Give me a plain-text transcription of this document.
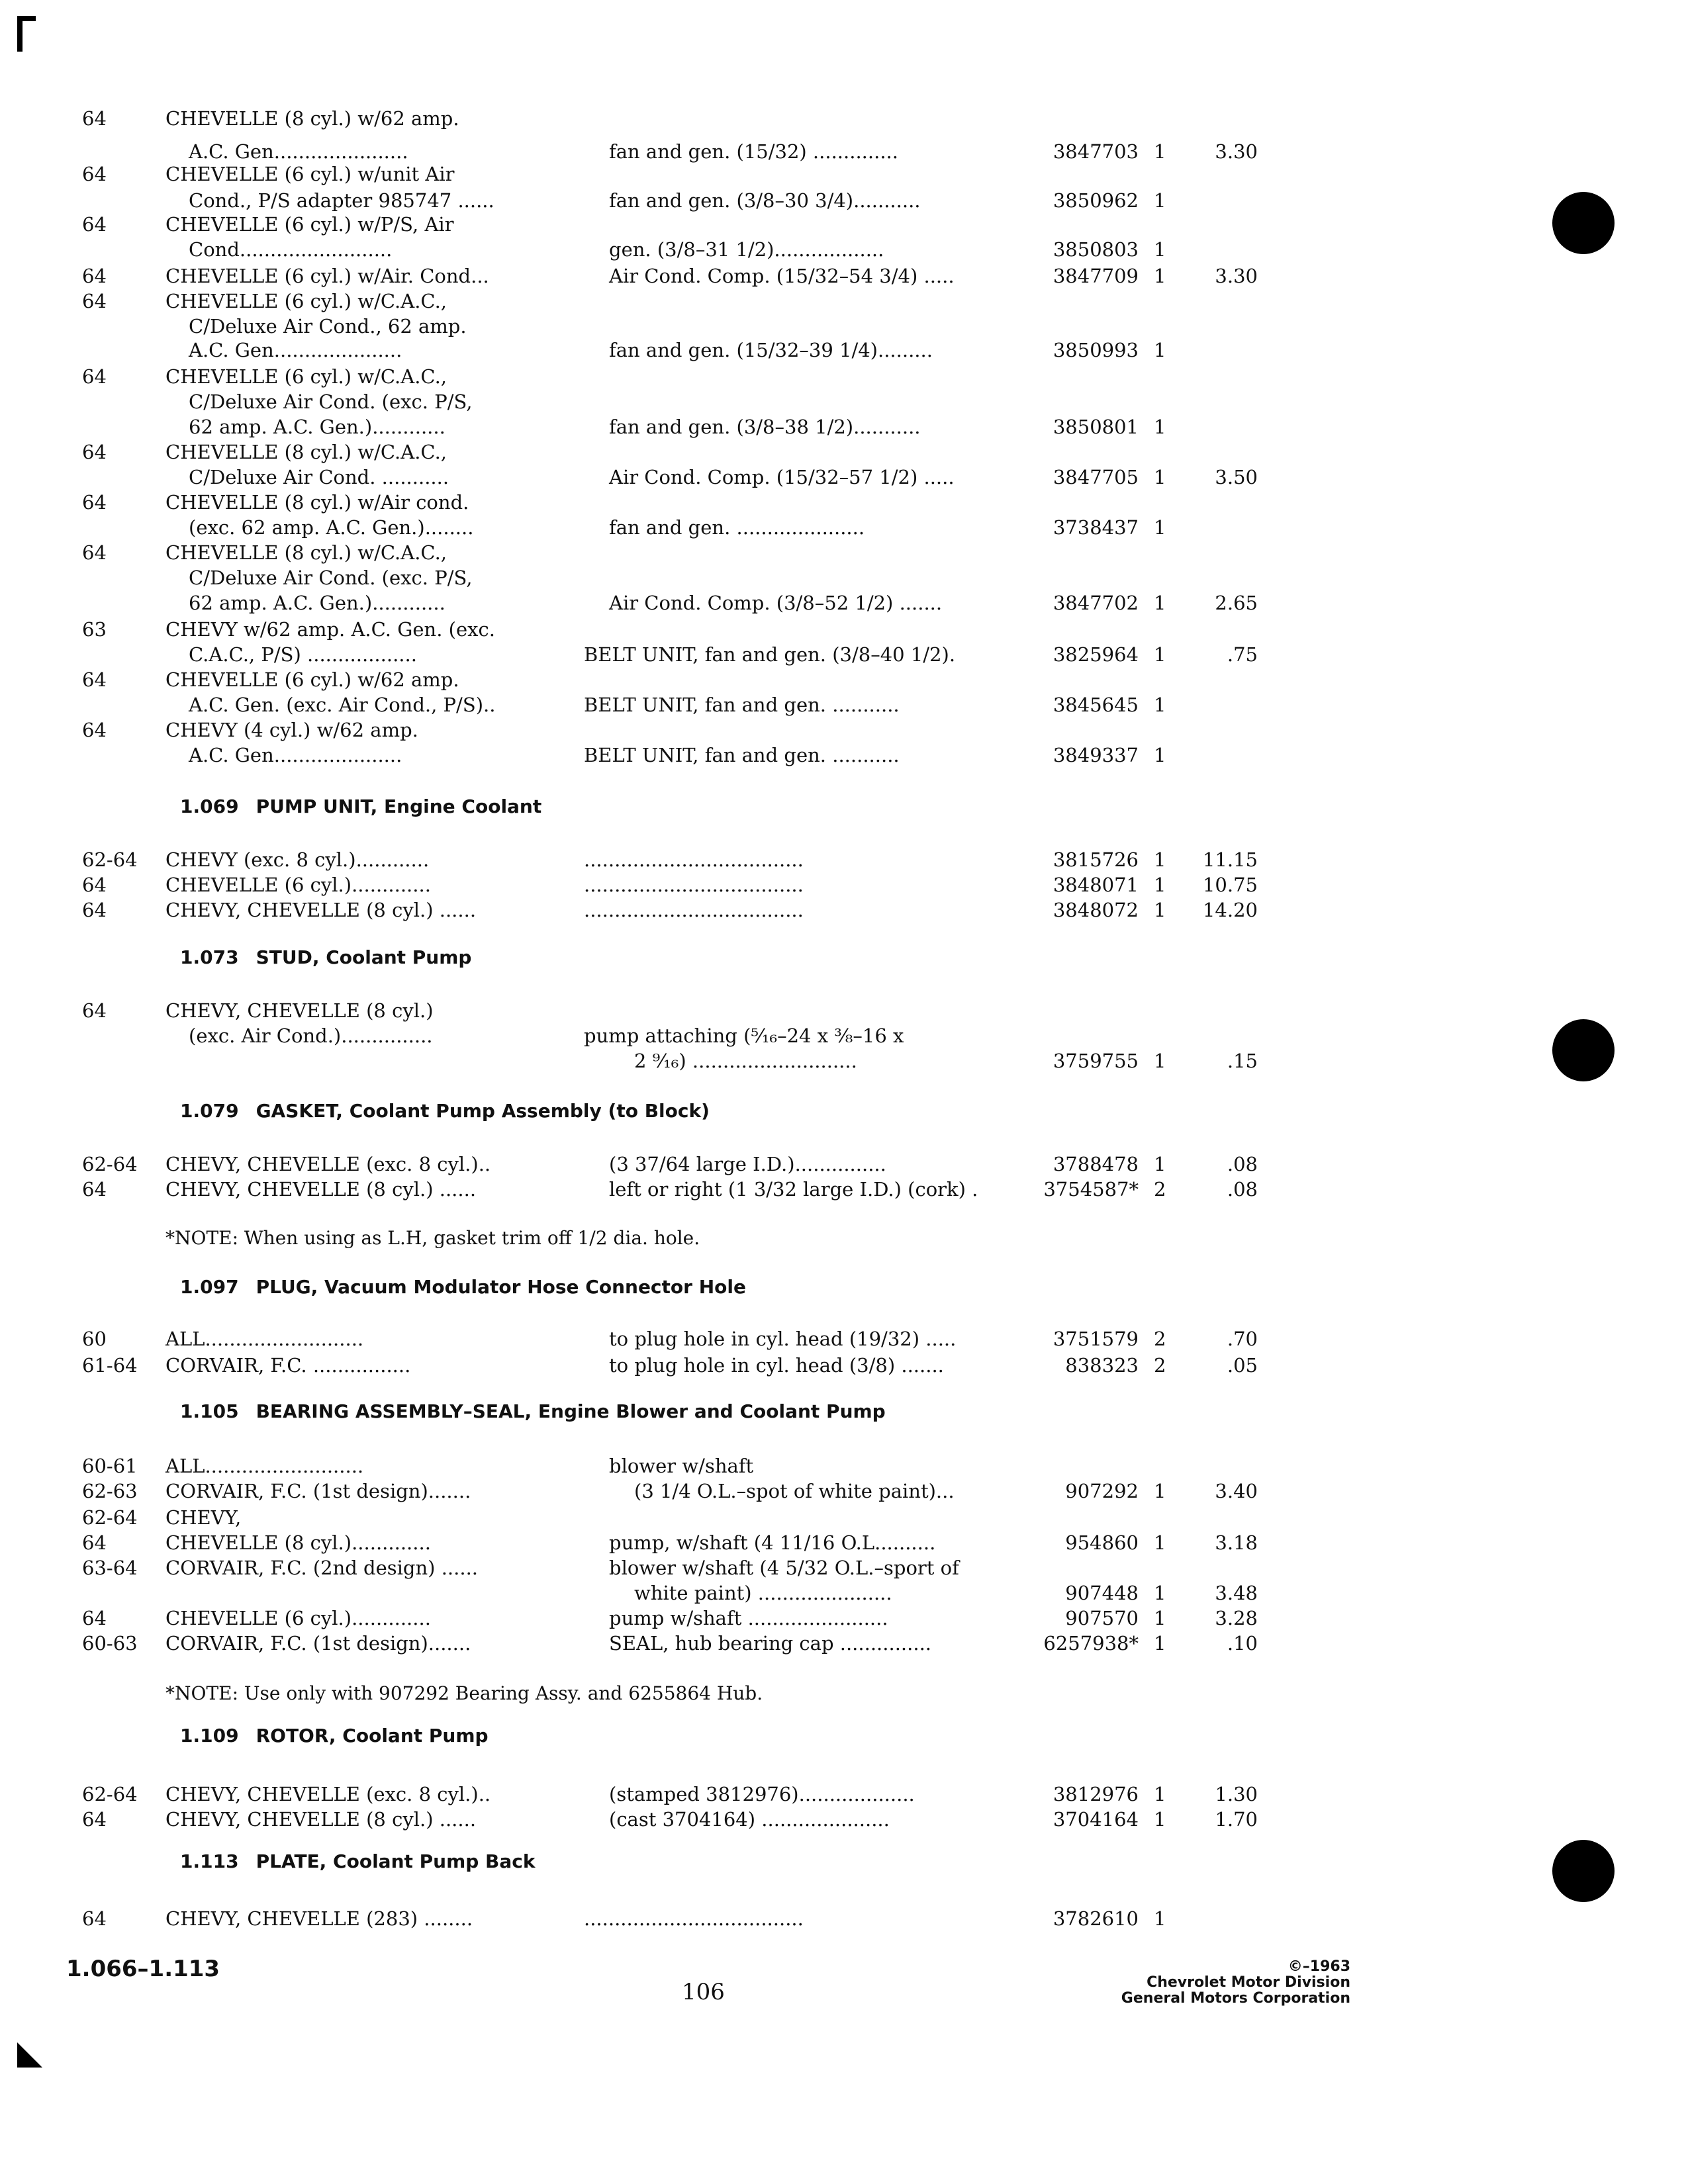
64	CHEVELLE (8 cyl.) w/62 amp.
A.C. Gen......................	fan and gen. (15/32) ..............	3847703 1	3.30
64	CHEVELLE (6 cyl.) w/unit Air
Cond., P/S adapter 985747 ......	fan and gen. (3/8–30 3/4)...........	3850962 1
64	CHEVELLE (6 cyl.) w/P/S, Air
Cond.........................	gen. (3/8–31 1/2)..................	3850803 1
64	CHEVELLE (6 cyl.) w/Air. Cond...	Air Cond. Comp. (15/32–54 3/4) .....	3847709 1	3.30
64	CHEVELLE (6 cyl.) w/C.A.C.,
C/Deluxe Air Cond., 62 amp.
A.C. Gen.....................	fan and gen. (15/32–39 1/4).........	3850993 1
64	CHEVELLE (6 cyl.) w/C.A.C.,
C/Deluxe Air Cond. (exc. P/S,
62 amp. A.C. Gen.)............	fan and gen. (3/8–38 1/2)...........	3850801 1
64	CHEVELLE (8 cyl.) w/C.A.C.,
C/Deluxe Air Cond. ...........	Air Cond. Comp. (15/32–57 1/2) .....	3847705 1	3.50
64	CHEVELLE (8 cyl.) w/Air cond.
(exc. 62 amp. A.C. Gen.)........	fan and gen. .....................	3738437 1
64	CHEVELLE (8 cyl.) w/C.A.C.,
C/Deluxe Air Cond. (exc. P/S,
62 amp. A.C. Gen.)............	Air Cond. Comp. (3/8–52 1/2) .......	3847702 1	2.65
63	CHEVY w/62 amp. A.C. Gen. (exc.
C.A.C., P/S) ..................	BELT UNIT, fan and gen. (3/8–40 1/2).	3825964 1	.75
64	CHEVELLE (6 cyl.) w/62 amp.
A.C. Gen. (exc. Air Cond., P/S)..	BELT UNIT, fan and gen. ...........	3845645 1
64	CHEVY (4 cyl.) w/62 amp.
A.C. Gen.....................	BELT UNIT, fan and gen. ...........	3849337 1
62-64 CHEVY (exc. 8 cyl.)............	....................................	3815726 1	11.15
64	CHEVELLE (6 cyl.).............	....................................	3848071 1	10.75
64	CHEVY, CHEVELLE (8 cyl.) ......	....................................	3848072 1	14.20
64	CHEVY, CHEVELLE (8 cyl.)
(exc. Air Cond.)...............	pump attaching (⁵⁄₁₆–24 x ³⁄₈–16 x
2 ⁹⁄₁₆) ...........................	3759755 1	.15
62-64 CHEVY, CHEVELLE (exc. 8 cyl.)..	(3 37/64 large I.D.)...............	3788478 1	.08
64	CHEVY, CHEVELLE (8 cyl.) ......	left or right (1 3/32 large I.D.) (cork) .	3754587* 2	.08
60	ALL..........................	to plug hole in cyl. head (19/32) .....	3751579 2	.70
61-64 CORVAIR, F.C. ................	to plug hole in cyl. head (3/8) .......	838323 2	.05
60-61 ALL..........................	blower w/shaft
62-63 CORVAIR, F.C. (1st design).......	(3 1/4 O.L.–spot of white paint)...	907292 1	3.40
62-64 CHEVY,
64	CHEVELLE (8 cyl.).............	pump, w/shaft (4 11/16 O.L..........	954860 1	3.18
63-64 CORVAIR, F.C. (2nd design) ......	blower w/shaft (4 5/32 O.L.–sport of
white paint) ......................	907448 1	3.48
64	CHEVELLE (6 cyl.).............	pump w/shaft .......................	907570 1	3.28
60-63 CORVAIR, F.C. (1st design).......	SEAL, hub bearing cap ...............	6257938* 1	.10
62-64 CHEVY, CHEVELLE (exc. 8 cyl.)..	(stamped 3812976)...................	3812976 1	1.30
64	CHEVY, CHEVELLE (8 cyl.) ......	(cast 3704164) .....................	3704164 1	1.70
64	CHEVY, CHEVELLE (283) ........	....................................	3782610 1
1.069 PUMP UNIT, Engine Coolant
1.073 STUD, Coolant Pump
1.079 GASKET, Coolant Pump Assembly (to Block)
1.097 PLUG, Vacuum Modulator Hose Connector Hole
1.105 BEARING ASSEMBLY–SEAL, Engine Blower and Coolant Pump
1.109 ROTOR, Coolant Pump
1.113 PLATE, Coolant Pump Back
*NOTE: When using as L.H, gasket trim off 1/2 dia. hole.
*NOTE: Use only with 907292 Bearing Assy. and 6255864 Hub.
1.066–1.113
106
©–1963
Chevrolet Motor Division
General Motors Corporation
